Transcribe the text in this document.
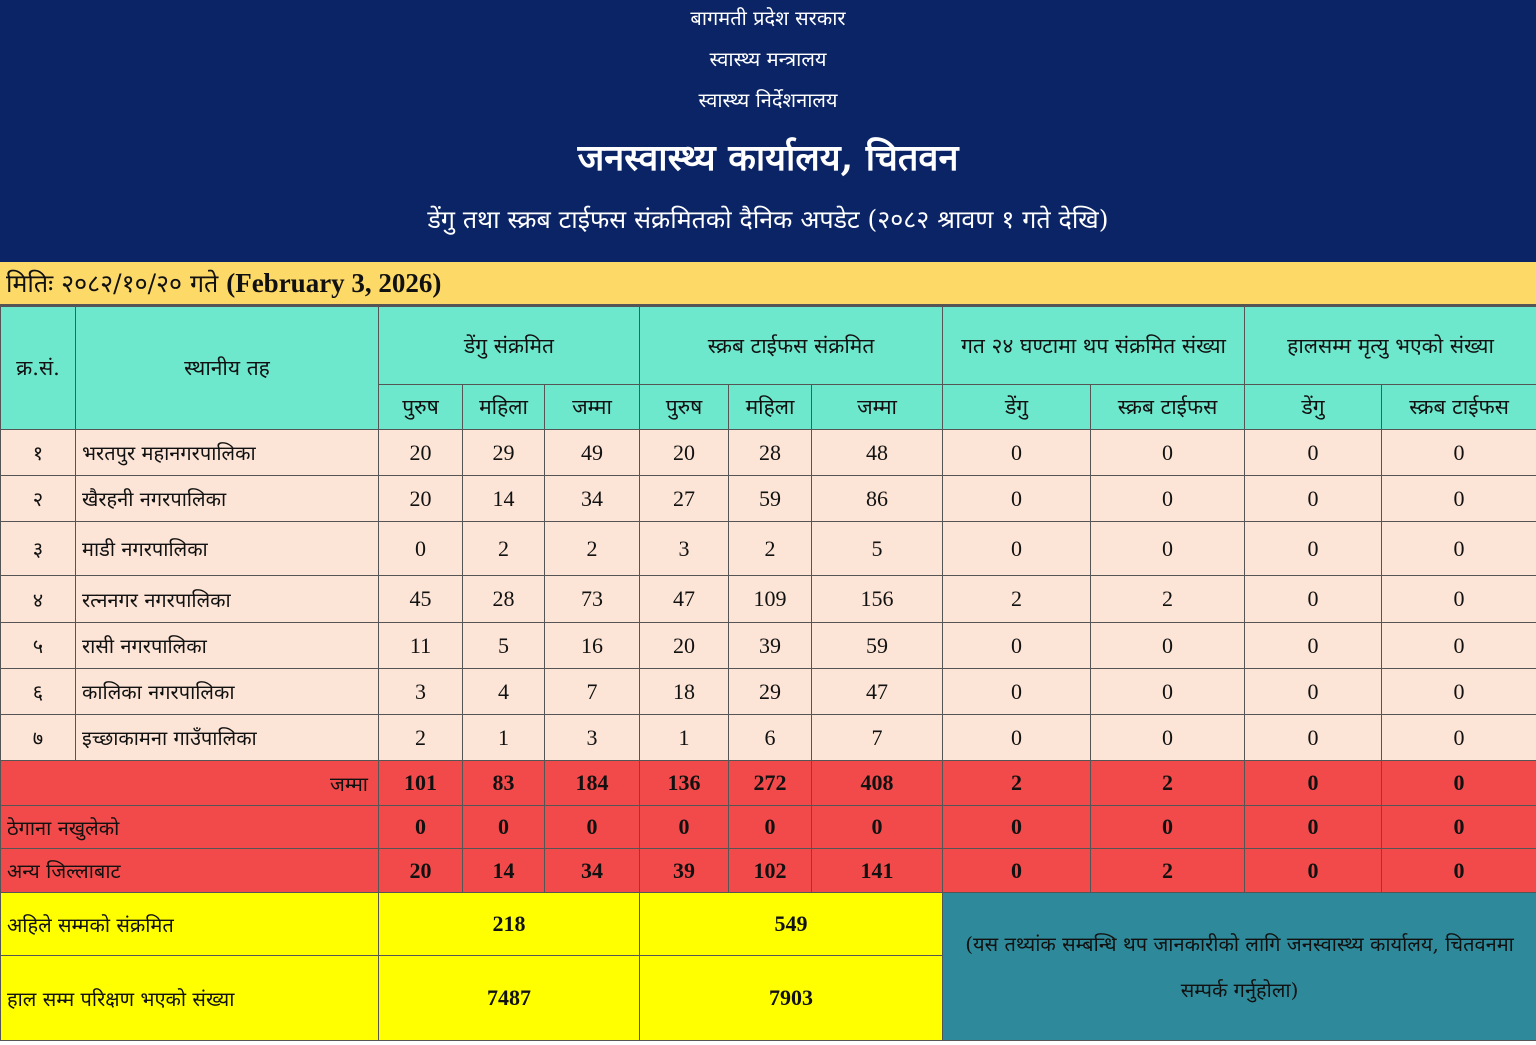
बागमती प्रदेश सरकार
स्वास्थ्य मन्त्रालय
स्वास्थ्य निर्देशनालय
जनस्वास्थ्य कार्यालय, चितवन
डेंगु तथा स्क्रब टाईफस संक्रमितको दैनिक अपडेट (२०८२ श्रावण १ गते देखि)
मितिः २०८२/१०/२० गते (February 3, 2026)
क्र.सं.	स्थानीय तह	डेंगु संक्रमित			स्क्रब टाईफस संक्रमित			गत २४ घण्टामा थप संक्रमित संख्या		हालसम्म मृत्यु भएको संख्या	
		पुरुष	महिला	जम्मा	पुरुष	महिला	जम्मा	डेंगु	स्क्रब टाईफस	डेंगु	स्क्रब टाईफस
१	भरतपुर महानगरपालिका	20	29	49	20	28	48	0	0	0	0
२	खैरहनी नगरपालिका	20	14	34	27	59	86	0	0	0	0
३	माडी नगरपालिका	0	2	2	3	2	5	0	0	0	0
४	रत्ननगर नगरपालिका	45	28	73	47	109	156	2	2	0	0
५	रासी नगरपालिका	11	5	16	20	39	59	0	0	0	0
६	कालिका नगरपालिका	3	4	7	18	29	47	0	0	0	0
७	इच्छाकामना गाउँपालिका	2	1	3	1	6	7	0	0	0	0
जम्मा		101	83	184	136	272	408	2	2	0	0
ठेगाना नखुलेको		0	0	0	0	0	0	0	0	0	0
अन्य जिल्लाबाट		20	14	34	39	102	141	0	2	0	0
अहिले सम्मको संक्रमित		218			549			(यस तथ्यांक सम्बन्धि थप जानकारीको लागि जनस्वास्थ्य कार्यालय, चितवनमा सम्पर्क गर्नुहोला)			
हाल सम्म परिक्षण भएको संख्या		7487			7903						
